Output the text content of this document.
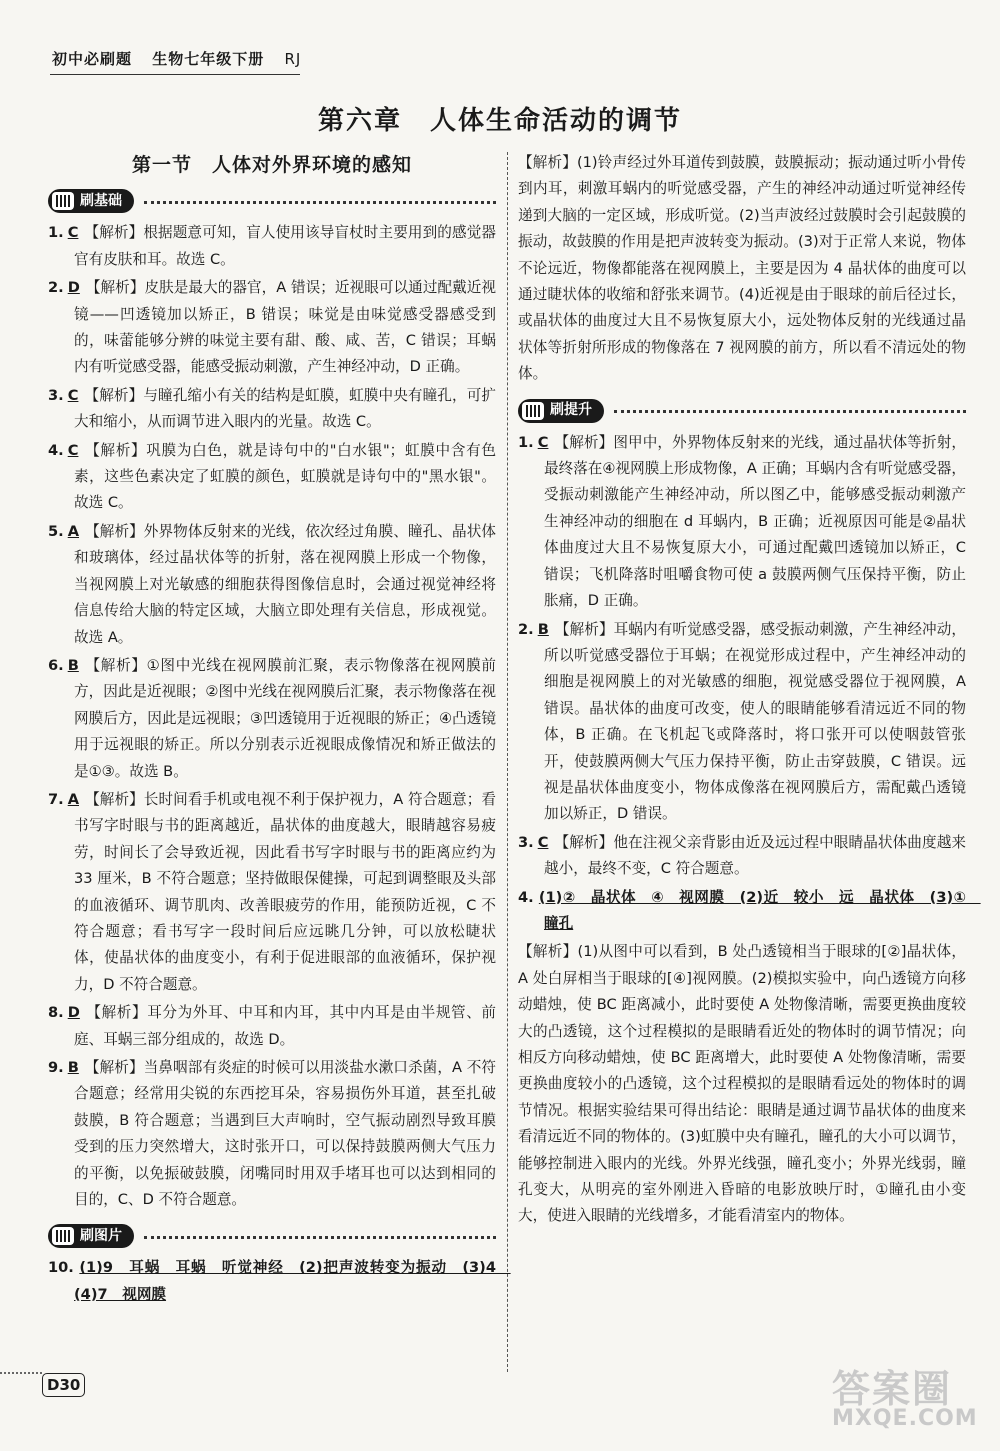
初中必刷题 生物七年级下册 RJ
第六章　人体生命活动的调节
第一节　人体对外界环境的感知
刷基础
1. C 【解析】根据题意可知，盲人使用该导盲杖时主要用到的感觉器官有皮肤和耳。故选 C。
2. D 【解析】皮肤是最大的器官，A 错误；近视眼可以通过配戴近视镜——凹透镜加以矫正，B 错误；味觉是由味觉感受器感受到的，味蕾能够分辨的味觉主要有甜、酸、咸、苦，C 错误；耳蜗内有听觉感受器，能感受振动刺激，产生神经冲动，D 正确。
3. C 【解析】与瞳孔缩小有关的结构是虹膜，虹膜中央有瞳孔，可扩大和缩小，从而调节进入眼内的光量。故选 C。
4. C 【解析】巩膜为白色，就是诗句中的"白水银"；虹膜中含有色素，这些色素决定了虹膜的颜色，虹膜就是诗句中的"黑水银"。故选 C。
5. A 【解析】外界物体反射来的光线，依次经过角膜、瞳孔、晶状体和玻璃体，经过晶状体等的折射，落在视网膜上形成一个物像，当视网膜上对光敏感的细胞获得图像信息时，会通过视觉神经将信息传给大脑的特定区域，大脑立即处理有关信息，形成视觉。故选 A。
6. B 【解析】①图中光线在视网膜前汇聚，表示物像落在视网膜前方，因此是近视眼；②图中光线在视网膜后汇聚，表示物像落在视网膜后方，因此是远视眼；③凹透镜用于近视眼的矫正；④凸透镜用于远视眼的矫正。所以分别表示近视眼成像情况和矫正做法的是①③。故选 B。
7. A 【解析】长时间看手机或电视不利于保护视力，A 符合题意；看书写字时眼与书的距离越近，晶状体的曲度越大，眼睛越容易疲劳，时间长了会导致近视，因此看书写字时眼与书的距离应约为 33 厘米，B 不符合题意；坚持做眼保健操，可起到调整眼及头部的血液循环、调节肌肉、改善眼疲劳的作用，能预防近视，C 不符合题意；看书写字一段时间后应远眺几分钟，可以放松睫状体，使晶状体的曲度变小，有利于促进眼部的血液循环，保护视力，D 不符合题意。
8. D 【解析】耳分为外耳、中耳和内耳，其中内耳是由半规管、前庭、耳蜗三部分组成的，故选 D。
9. B 【解析】当鼻咽部有炎症的时候可以用淡盐水漱口杀菌，A 不符合题意；经常用尖锐的东西挖耳朵，容易损伤外耳道，甚至扎破鼓膜，B 符合题意；当遇到巨大声响时，空气振动剧烈导致耳膜受到的压力突然增大，这时张开口，可以保持鼓膜两侧大气压力的平衡，以免振破鼓膜，闭嘴同时用双手堵耳也可以达到相同的目的，C、D 不符合题意。
刷图片
10. (1)9　耳蜗　耳蜗　听觉神经　(2)把声波转变为振动　(3)4　(4)7　视网膜
【解析】(1)铃声经过外耳道传到鼓膜，鼓膜振动；振动通过听小骨传到内耳，刺激耳蜗内的听觉感受器，产生的神经冲动通过听觉神经传递到大脑的一定区域，形成听觉。(2)当声波经过鼓膜时会引起鼓膜的振动，故鼓膜的作用是把声波转变为振动。(3)对于正常人来说，物体不论远近，物像都能落在视网膜上，主要是因为 4 晶状体的曲度可以通过睫状体的收缩和舒张来调节。(4)近视是由于眼球的前后径过长，或晶状体的曲度过大且不易恢复原大小，远处物体反射的光线通过晶状体等折射所形成的物像落在 7 视网膜的前方，所以看不清远处的物体。
刷提升
1. C 【解析】图甲中，外界物体反射来的光线，通过晶状体等折射，最终落在④视网膜上形成物像，A 正确；耳蜗内含有听觉感受器，受振动刺激能产生神经冲动，所以图乙中，能够感受振动刺激产生神经冲动的细胞在 d 耳蜗内，B 正确；近视原因可能是②晶状体曲度过大且不易恢复原大小，可通过配戴凹透镜加以矫正，C 错误；飞机降落时咀嚼食物可使 a 鼓膜两侧气压保持平衡，防止胀痛，D 正确。
2. B 【解析】耳蜗内有听觉感受器，感受振动刺激，产生神经冲动，所以听觉感受器位于耳蜗；在视觉形成过程中，产生神经冲动的细胞是视网膜上的对光敏感的细胞，视觉感受器位于视网膜，A 错误。晶状体的曲度可改变，使人的眼睛能够看清远近不同的物体，B 正确。在飞机起飞或降落时，将口张开可以使咽鼓管张开，使鼓膜两侧大气压力保持平衡，防止击穿鼓膜，C 错误。远视是晶状体曲度变小，物体成像落在视网膜后方，需配戴凸透镜加以矫正，D 错误。
3. C 【解析】他在注视父亲背影由近及远过程中眼睛晶状体曲度越来越小，最终不变，C 符合题意。
4. (1)②　晶状体　④　视网膜　(2)近　较小　远　晶状体　(3)①　瞳孔
【解析】(1)从图中可以看到，B 处凸透镜相当于眼球的[②]晶状体，A 处白屏相当于眼球的[④]视网膜。(2)模拟实验中，向凸透镜方向移动蜡烛，使 BC 距离减小，此时要使 A 处物像清晰，需要更换曲度较大的凸透镜，这个过程模拟的是眼睛看近处的物体时的调节情况；向相反方向移动蜡烛，使 BC 距离增大，此时要使 A 处物像清晰，需要更换曲度较小的凸透镜，这个过程模拟的是眼睛看远处的物体时的调节情况。根据实验结果可得出结论：眼睛是通过调节晶状体的曲度来看清远近不同的物体的。(3)虹膜中央有瞳孔，瞳孔的大小可以调节，能够控制进入眼内的光线。外界光线强，瞳孔变小；外界光线弱，瞳孔变大，从明亮的室外刚进入昏暗的电影放映厅时，①瞳孔由小变大，使进入眼睛的光线增多，才能看清室内的物体。
D30	答案圈
MXQE.COM
